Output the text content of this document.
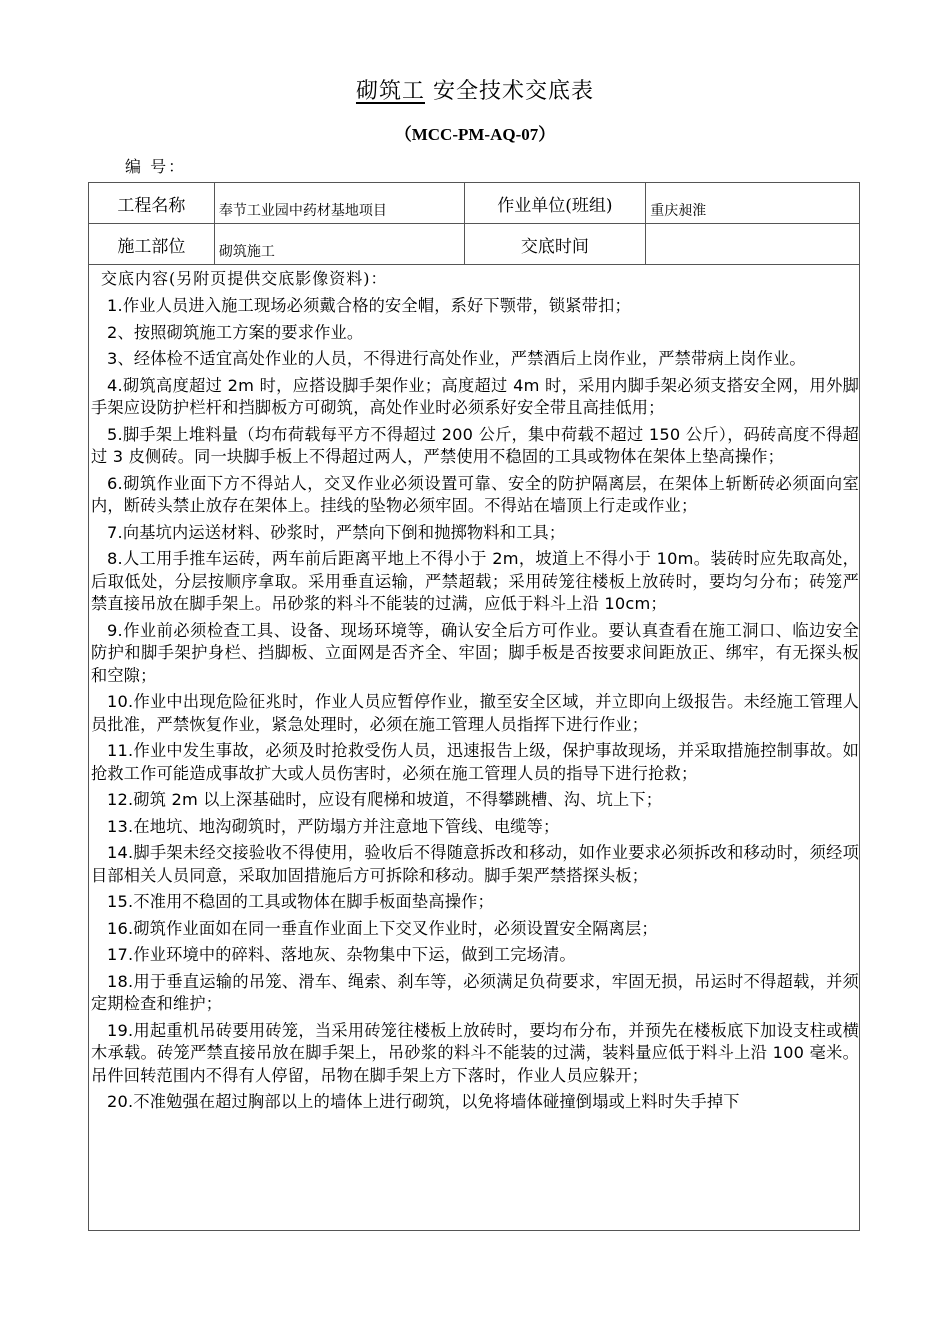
砌筑工 安全技术交底表
（MCC-PM-AQ-07）
编 号：
工程名称	奉节工业园中药材基地项目	作业单位(班组)	重庆昶淮
施工部位	砌筑施工	交底时间	
交底内容(另附页提供交底影像资料)：

1.作业人员进入施工现场必须戴合格的安全帽，系好下颚带，锁紧带扣；

2、按照砌筑施工方案的要求作业。

3、经体检不适宜高处作业的人员，不得进行高处作业，严禁酒后上岗作业，严禁带病上岗作业。

4.砌筑高度超过 2m 时，应搭设脚手架作业；高度超过 4m 时，采用内脚手架必须支搭安全网，用外脚手架应设防护栏杆和挡脚板方可砌筑，高处作业时必须系好安全带且高挂低用；

5.脚手架上堆料量（均布荷载每平方不得超过 200 公斤，集中荷载不超过 150 公斤），码砖高度不得超过 3 皮侧砖。同一块脚手板上不得超过两人，严禁使用不稳固的工具或物体在架体上垫高操作；

6.砌筑作业面下方不得站人，交叉作业必须设置可靠、安全的防护隔离层，在架体上斩断砖必须面向室内，断砖头禁止放存在架体上。挂线的坠物必须牢固。不得站在墙顶上行走或作业；

7.向基坑内运送材料、砂浆时，严禁向下倒和抛掷物料和工具；

8.人工用手推车运砖，两车前后距离平地上不得小于 2m，坡道上不得小于 10m。装砖时应先取高处，后取低处，分层按顺序拿取。采用垂直运输，严禁超载；采用砖笼往楼板上放砖时，要均匀分布；砖笼严禁直接吊放在脚手架上。吊砂浆的料斗不能装的过满，应低于料斗上沿 10cm；

9.作业前必须检查工具、设备、现场环境等，确认安全后方可作业。要认真查看在施工洞口、临边安全防护和脚手架护身栏、挡脚板、立面网是否齐全、牢固；脚手板是否按要求间距放正、绑牢，有无探头板和空隙；

10.作业中出现危险征兆时，作业人员应暂停作业，撤至安全区域，并立即向上级报告。未经施工管理人员批准，严禁恢复作业，紧急处理时，必须在施工管理人员指挥下进行作业；

11.作业中发生事故，必须及时抢救受伤人员，迅速报告上级，保护事故现场，并采取措施控制事故。如抢救工作可能造成事故扩大或人员伤害时，必须在施工管理人员的指导下进行抢救；

12.砌筑 2m 以上深基础时，应设有爬梯和坡道，不得攀跳槽、沟、坑上下；

13.在地坑、地沟砌筑时，严防塌方并注意地下管线、电缆等；

14.脚手架未经交接验收不得使用，验收后不得随意拆改和移动，如作业要求必须拆改和移动时，须经项目部相关人员同意，采取加固措施后方可拆除和移动。脚手架严禁搭探头板；

15.不准用不稳固的工具或物体在脚手板面垫高操作；

16.砌筑作业面如在同一垂直作业面上下交叉作业时，必须设置安全隔离层；

17.作业环境中的碎料、落地灰、杂物集中下运，做到工完场清。

18.用于垂直运输的吊笼、滑车、绳索、刹车等，必须满足负荷要求，牢固无损，吊运时不得超载，并须定期检查和维护；

19.用起重机吊砖要用砖笼，当采用砖笼往楼板上放砖时，要均布分布，并预先在楼板底下加设支柱或横木承载。砖笼严禁直接吊放在脚手架上，吊砂浆的料斗不能装的过满，装料量应低于料斗上沿 100 毫米。吊件回转范围内不得有人停留，吊物在脚手架上方下落时，作业人员应躲开；

20.不准勉强在超过胸部以上的墙体上进行砌筑，以免将墙体碰撞倒塌或上料时失手掉下
